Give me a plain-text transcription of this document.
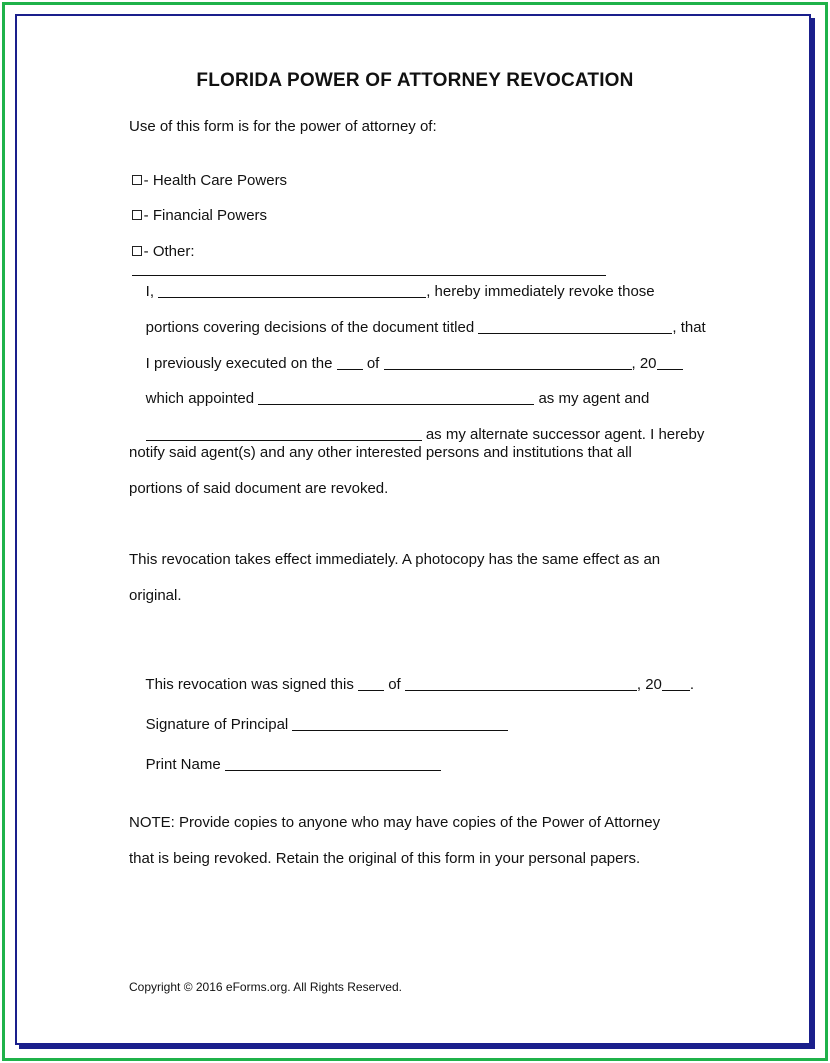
FLORIDA POWER OF ATTORNEY REVOCATION
Use of this form is for the power of attorney of:

- Health Care Powers

- Financial Powers

- Other:

I,	, hereby immediately revoke those

portions covering decisions of the document titled	, that

I previously executed on the of	, 20

which appointed	as my agent and

as my alternate successor agent. I hereby

notify said agent(s) and any other interested persons and institutions that all
portions of said document are revoked.
This revocation takes effect immediately. A photocopy has the same effect as an
original.

This revocation was signed this of	, 20 .

Signature of Principal

Print Name

NOTE: Provide copies to anyone who may have copies of the Power of Attorney
that is being revoked. Retain the original of this form in your personal papers.
Copyright © 2016 eForms.org. All Rights Reserved.
